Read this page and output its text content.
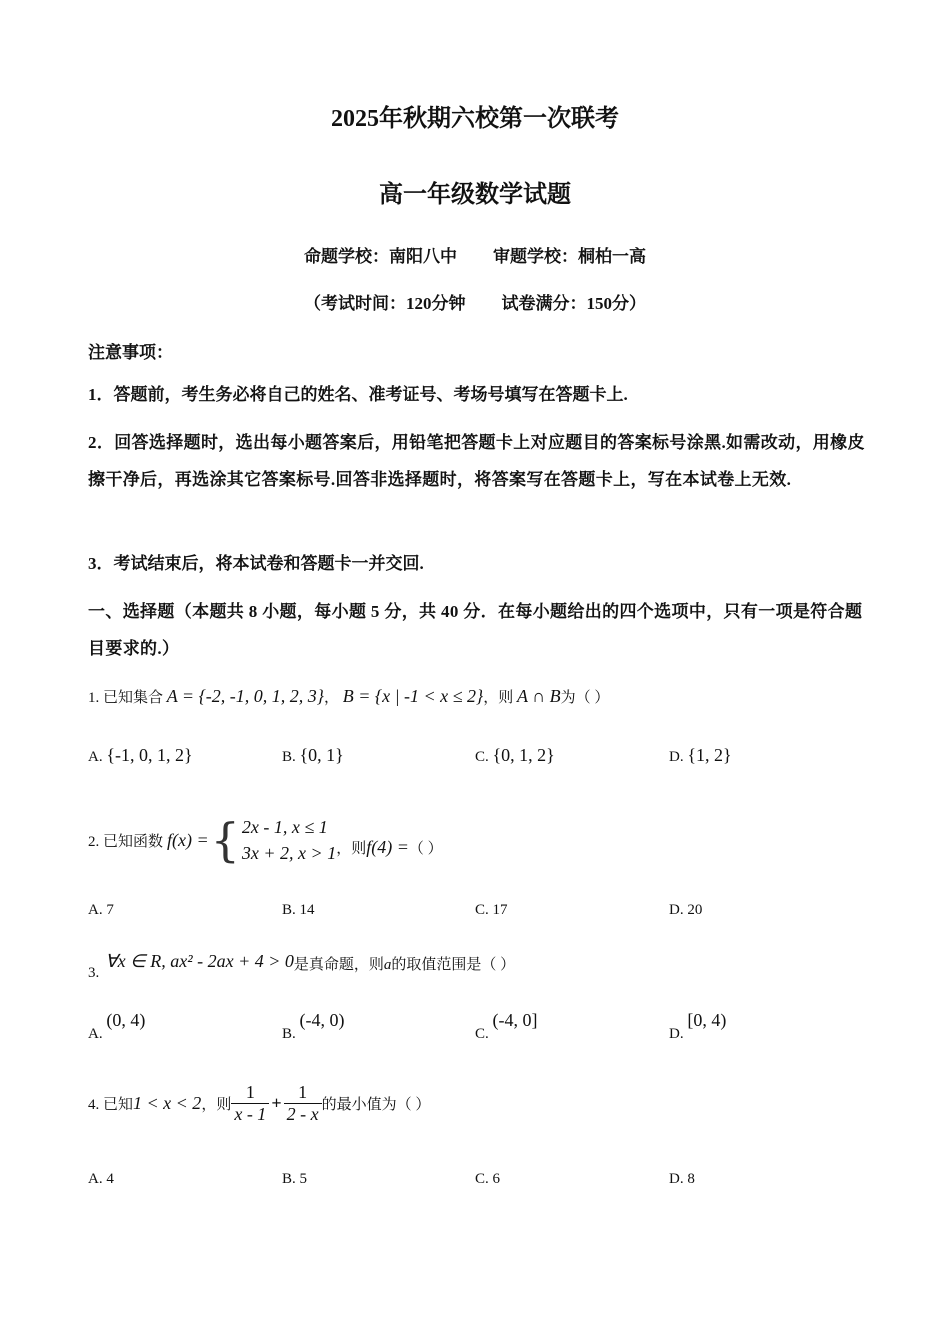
2025年秋期六校第一次联考
高一年级数学试题
命题学校：南阳八中 审题学校：桐柏一高
（考试时间：120分钟 试卷满分：150分）
注意事项：
1．答题前，考生务必将自己的姓名、准考证号、考场号填写在答题卡上.
2．回答选择题时，选出每小题答案后，用铅笔把答题卡上对应题目的答案标号涂黑.如需改动，用橡皮擦干净后，再选涂其它答案标号.回答非选择题时，将答案写在答题卡上，写在本试卷上无效.
3．考试结束后，将本试卷和答题卡一并交回.
一、选择题（本题共 8 小题，每小题 5 分，共 40 分．在每小题给出的四个选项中，只有一项是符合题目要求的.）
1. 已知集合 A = {-2, -1, 0, 1, 2, 3}， B = {x | -1 < x ≤ 2}，则 A ∩ B为（ ）
A. {-1, 0, 1, 2}	B. {0, 1}	C. {0, 1, 2}	D. {1, 2}
2. 已知函数 f(x) = { 2x - 1, x ≤ 1
3x + 2, x > 1 ，则 f(4) = （ ）
A. 7	B. 14	C. 17	D. 20
3.
∀x ∈ R, ax² - 2ax + 4 > 0 是真命题，则 a 的取值范围是（ ）
A. (0, 4)
B. (-4, 0)
C. (-4, 0]
D. [0, 4)
4. 已知 1 < x < 2 ，则 $\frac{1}{x - 1} + \frac{1}{2 - x}$ 的最小值为（ ）
A. 4	B. 5	C. 6	D. 8
